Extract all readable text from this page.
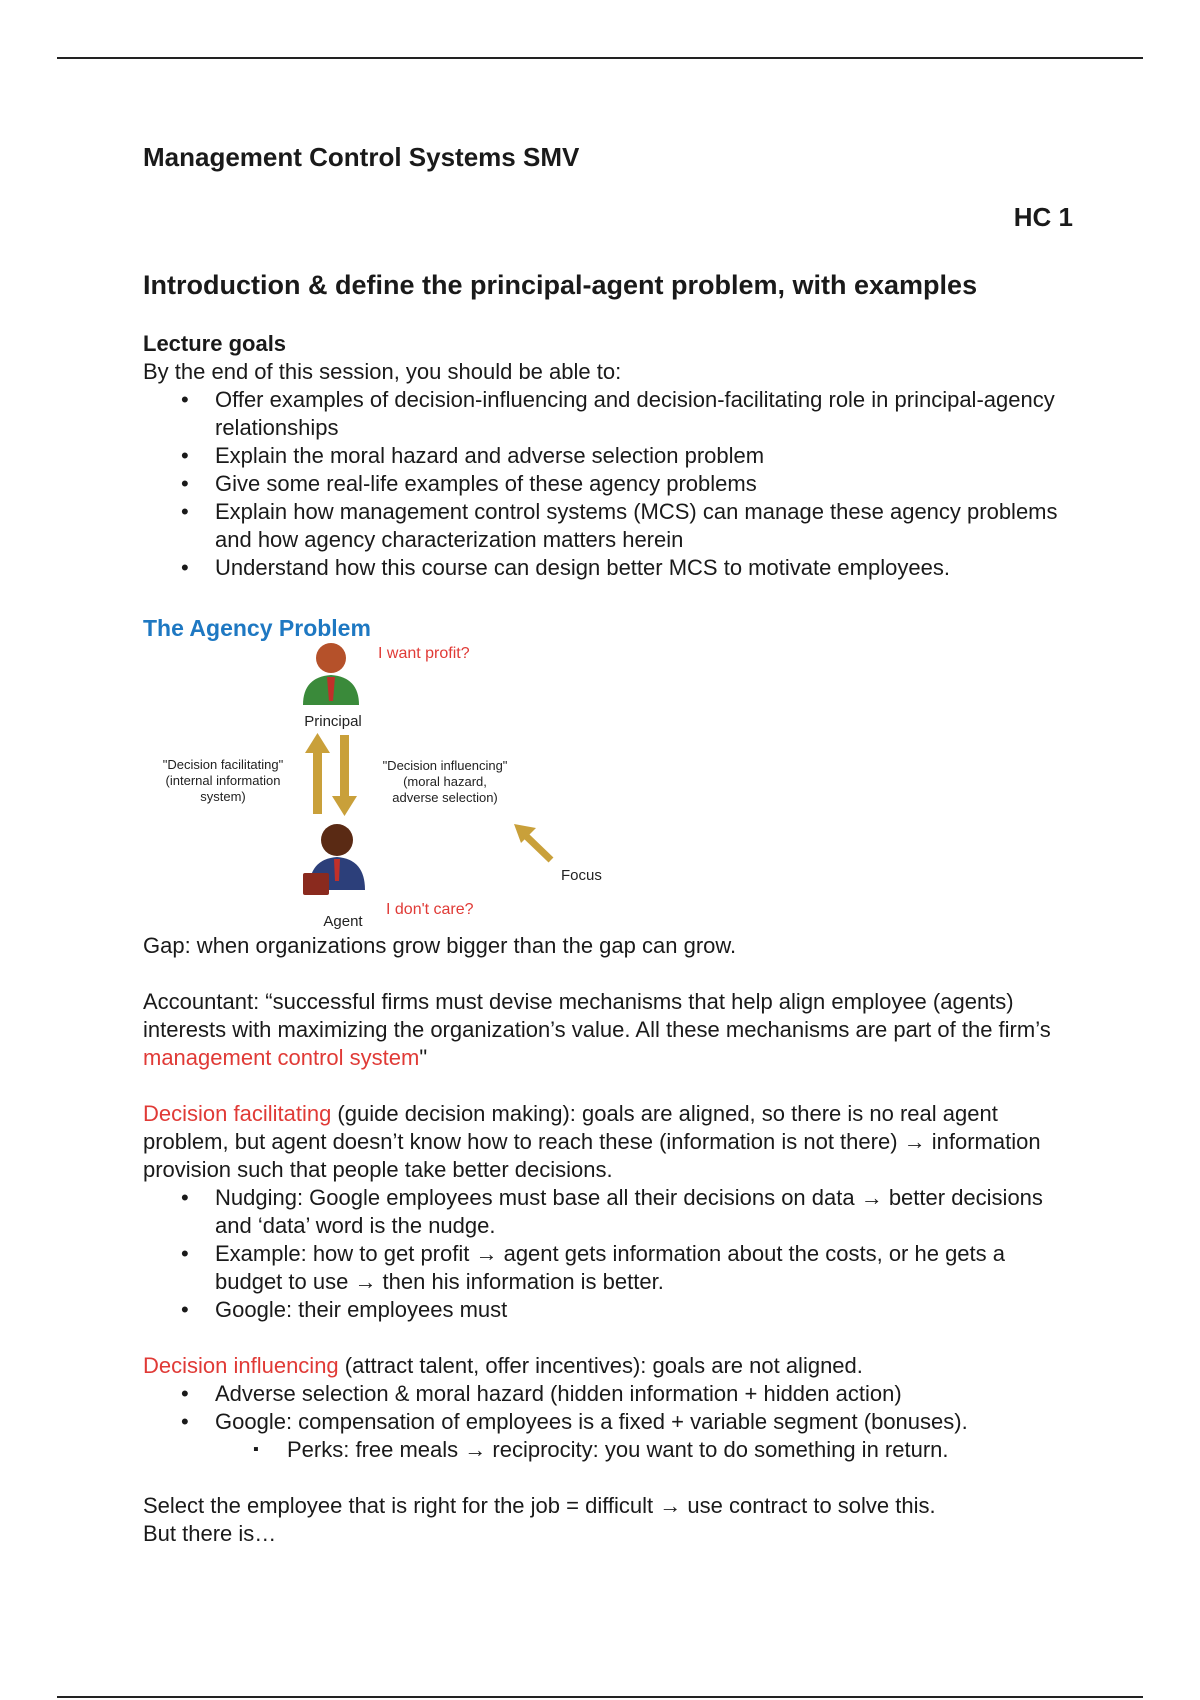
Management Control Systems SMV
HC 1
Introduction & define the principal-agent problem, with examples
Lecture goals
By the end of this session, you should be able to:
• Offer examples of decision-influencing and decision-facilitating role in principal-agency relationships
• Explain the moral hazard and adverse selection problem
• Give some real-life examples of these agency problems
• Explain how management control systems (MCS) can manage these agency problems and how agency characterization matters herein
• Understand how this course can design better MCS to motivate employees.
The Agency Problem
I want profit?
Principal
"Decision facilitating"
(internal information
system)
"Decision influencing"
(moral hazard,
adverse selection)
Focus
I don't care?
Agent
Gap: when organizations grow bigger than the gap can grow.
Accountant: “successful firms must devise mechanisms that help align employee (agents) interests with maximizing the organization’s value. All these mechanisms are part of the firm’s management control system"
Decision facilitating (guide decision making): goals are aligned, so there is no real agent problem, but agent doesn’t know how to reach these (information is not there) → information provision such that people take better decisions.
• Nudging: Google employees must base all their decisions on data → better decisions and ‘data’ word is the nudge.
• Example: how to get profit → agent gets information about the costs, or he gets a budget to use → then his information is better.
• Google: their employees must
Decision influencing (attract talent, offer incentives): goals are not aligned.
• Adverse selection & moral hazard (hidden information + hidden action)
• Google: compensation of employees is a fixed + variable segment (bonuses).
▪ Perks: free meals → reciprocity: you want to do something in return.
Select the employee that is right for the job = difficult → use contract to solve this.
But there is…
